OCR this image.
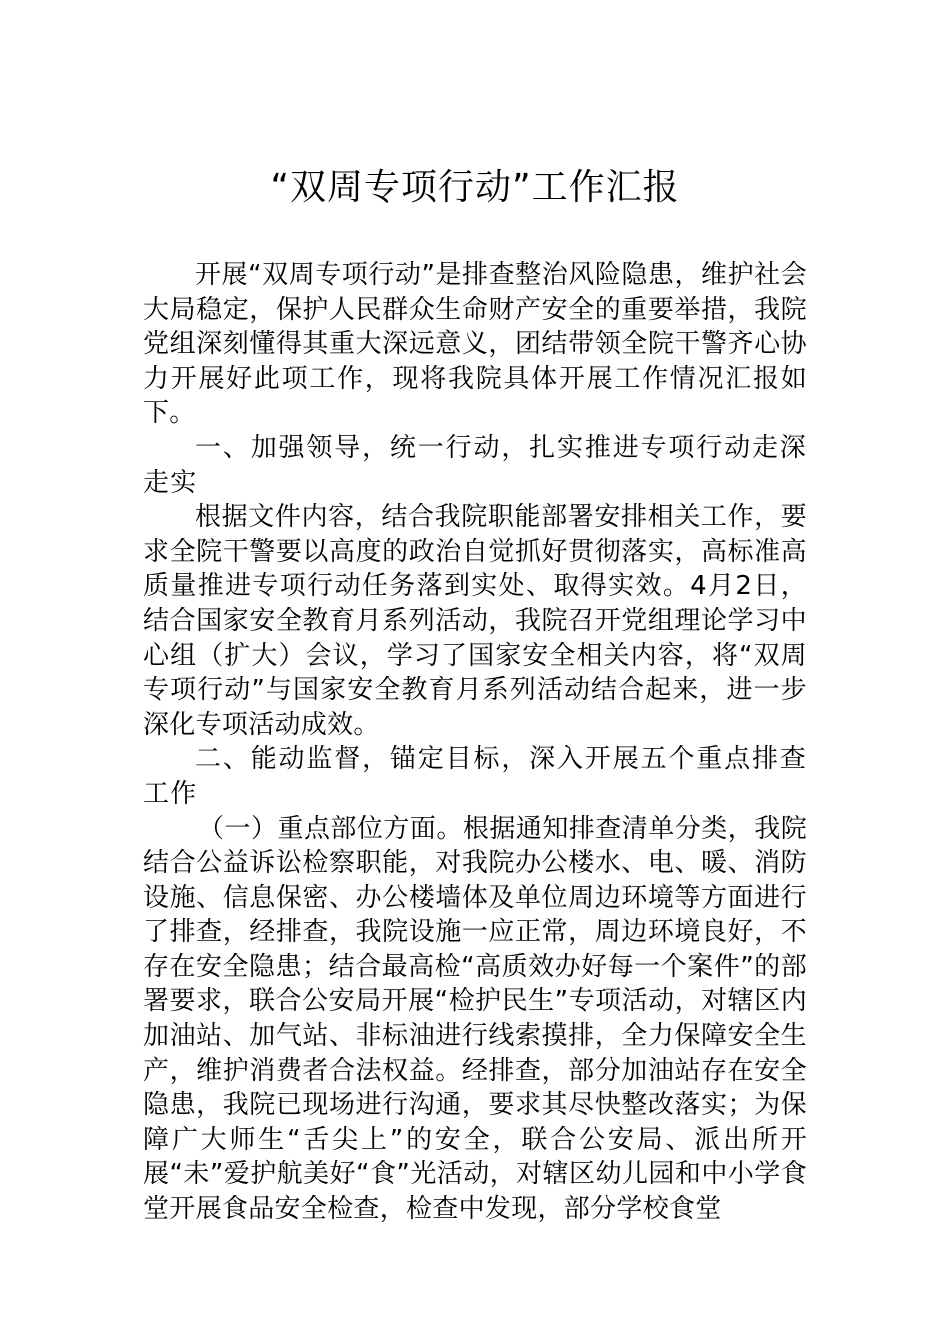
“双周专项行动”工作汇报

开展“双周专项行动”是排查整治风险隐患，维护社会大局稳定，保护人民群众生命财产安全的重要举措，我院党组深刻懂得其重大深远意义，团结带领全院干警齐心协力开展好此项工作，现将我院具体开展工作情况汇报如下。

一、加强领导，统一行动，扎实推进专项行动走深走实

根据文件内容，结合我院职能部署安排相关工作，要求全院干警要以高度的政治自觉抓好贯彻落实，高标准高质量推进专项行动任务落到实处、取得实效。4月2日，结合国家安全教育月系列活动，我院召开党组理论学习中心组（扩大）会议，学习了国家安全相关内容，将“双周专项行动”与国家安全教育月系列活动结合起来，进一步深化专项活动成效。

二、能动监督，锚定目标，深入开展五个重点排查工作

（一）重点部位方面。根据通知排查清单分类，我院结合公益诉讼检察职能，对我院办公楼水、电、暖、消防设施、信息保密、办公楼墙体及单位周边环境等方面进行了排查，经排查，我院设施一应正常，周边环境良好，不存在安全隐患；结合最高检“高质效办好每一个案件”的部署要求，联合公安局开展“检护民生”专项活动，对辖区内加油站、加气站、非标油进行线索摸排，全力保障安全生产，维护消费者合法权益。经排查，部分加油站存在安全隐患，我院已现场进行沟通，要求其尽快整改落实；为保障广大师生“舌尖上”的安全，联合公安局、派出所开展“未”爱护航美好“食”光活动，对辖区幼儿园和中小学食堂开展食品安全检查，检查中发现，部分学校食堂
